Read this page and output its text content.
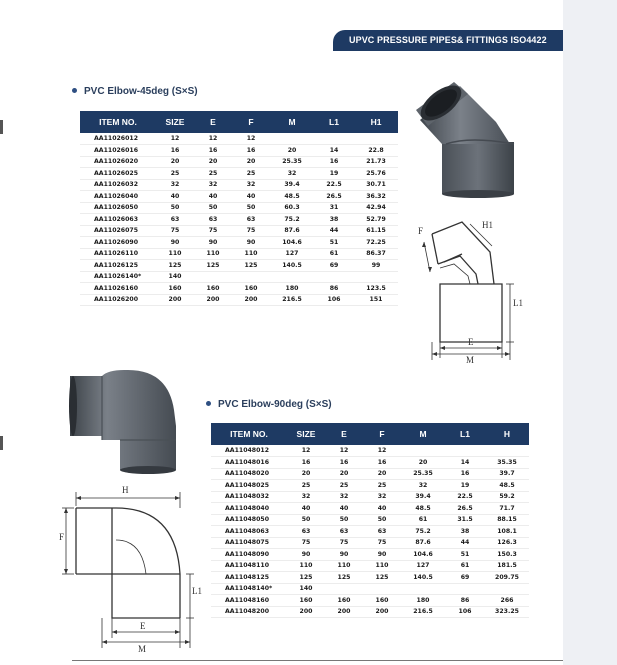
UPVC PRESSURE PIPES& FITTINGS ISO4422
PVC Elbow-45deg (S×S)
ITEM NO.	SIZE	E	F	M	L1	H1
AA11026012	12	12	12			
AA11026016	16	16	16	20	14	22.8
AA11026020	20	20	20	25.35	16	21.73
AA11026025	25	25	25	32	19	25.76
AA11026032	32	32	32	39.4	22.5	30.71
AA11026040	40	40	40	48.5	26.5	36.32
AA11026050	50	50	50	60.3	31	42.94
AA11026063	63	63	63	75.2	38	52.79
AA11026075	75	75	75	87.6	44	61.15
AA11026090	90	90	90	104.6	51	72.25
AA11026110	110	110	110	127	61	86.37
AA11026125	125	125	125	140.5	69	99
AA11026140*	140					
AA11026160	160	160	160	180	86	123.5
AA11026200	200	200	200	216.5	106	151
F
H1
L1
E
M
H
F
L1
E
M
PVC Elbow-90deg (S×S)
ITEM NO.	SIZE	E	F	M	L1	H
AA11048012	12	12	12			
AA11048016	16	16	16	20	14	35.35
AA11048020	20	20	20	25.35	16	39.7
AA11048025	25	25	25	32	19	48.5
AA11048032	32	32	32	39.4	22.5	59.2
AA11048040	40	40	40	48.5	26.5	71.7
AA11048050	50	50	50	61	31.5	88.15
AA11048063	63	63	63	75.2	38	108.1
AA11048075	75	75	75	87.6	44	126.3
AA11048090	90	90	90	104.6	51	150.3
AA11048110	110	110	110	127	61	181.5
AA11048125	125	125	125	140.5	69	209.75
AA11048140*	140					
AA11048160	160	160	160	180	86	266
AA11048200	200	200	200	216.5	106	323.25
